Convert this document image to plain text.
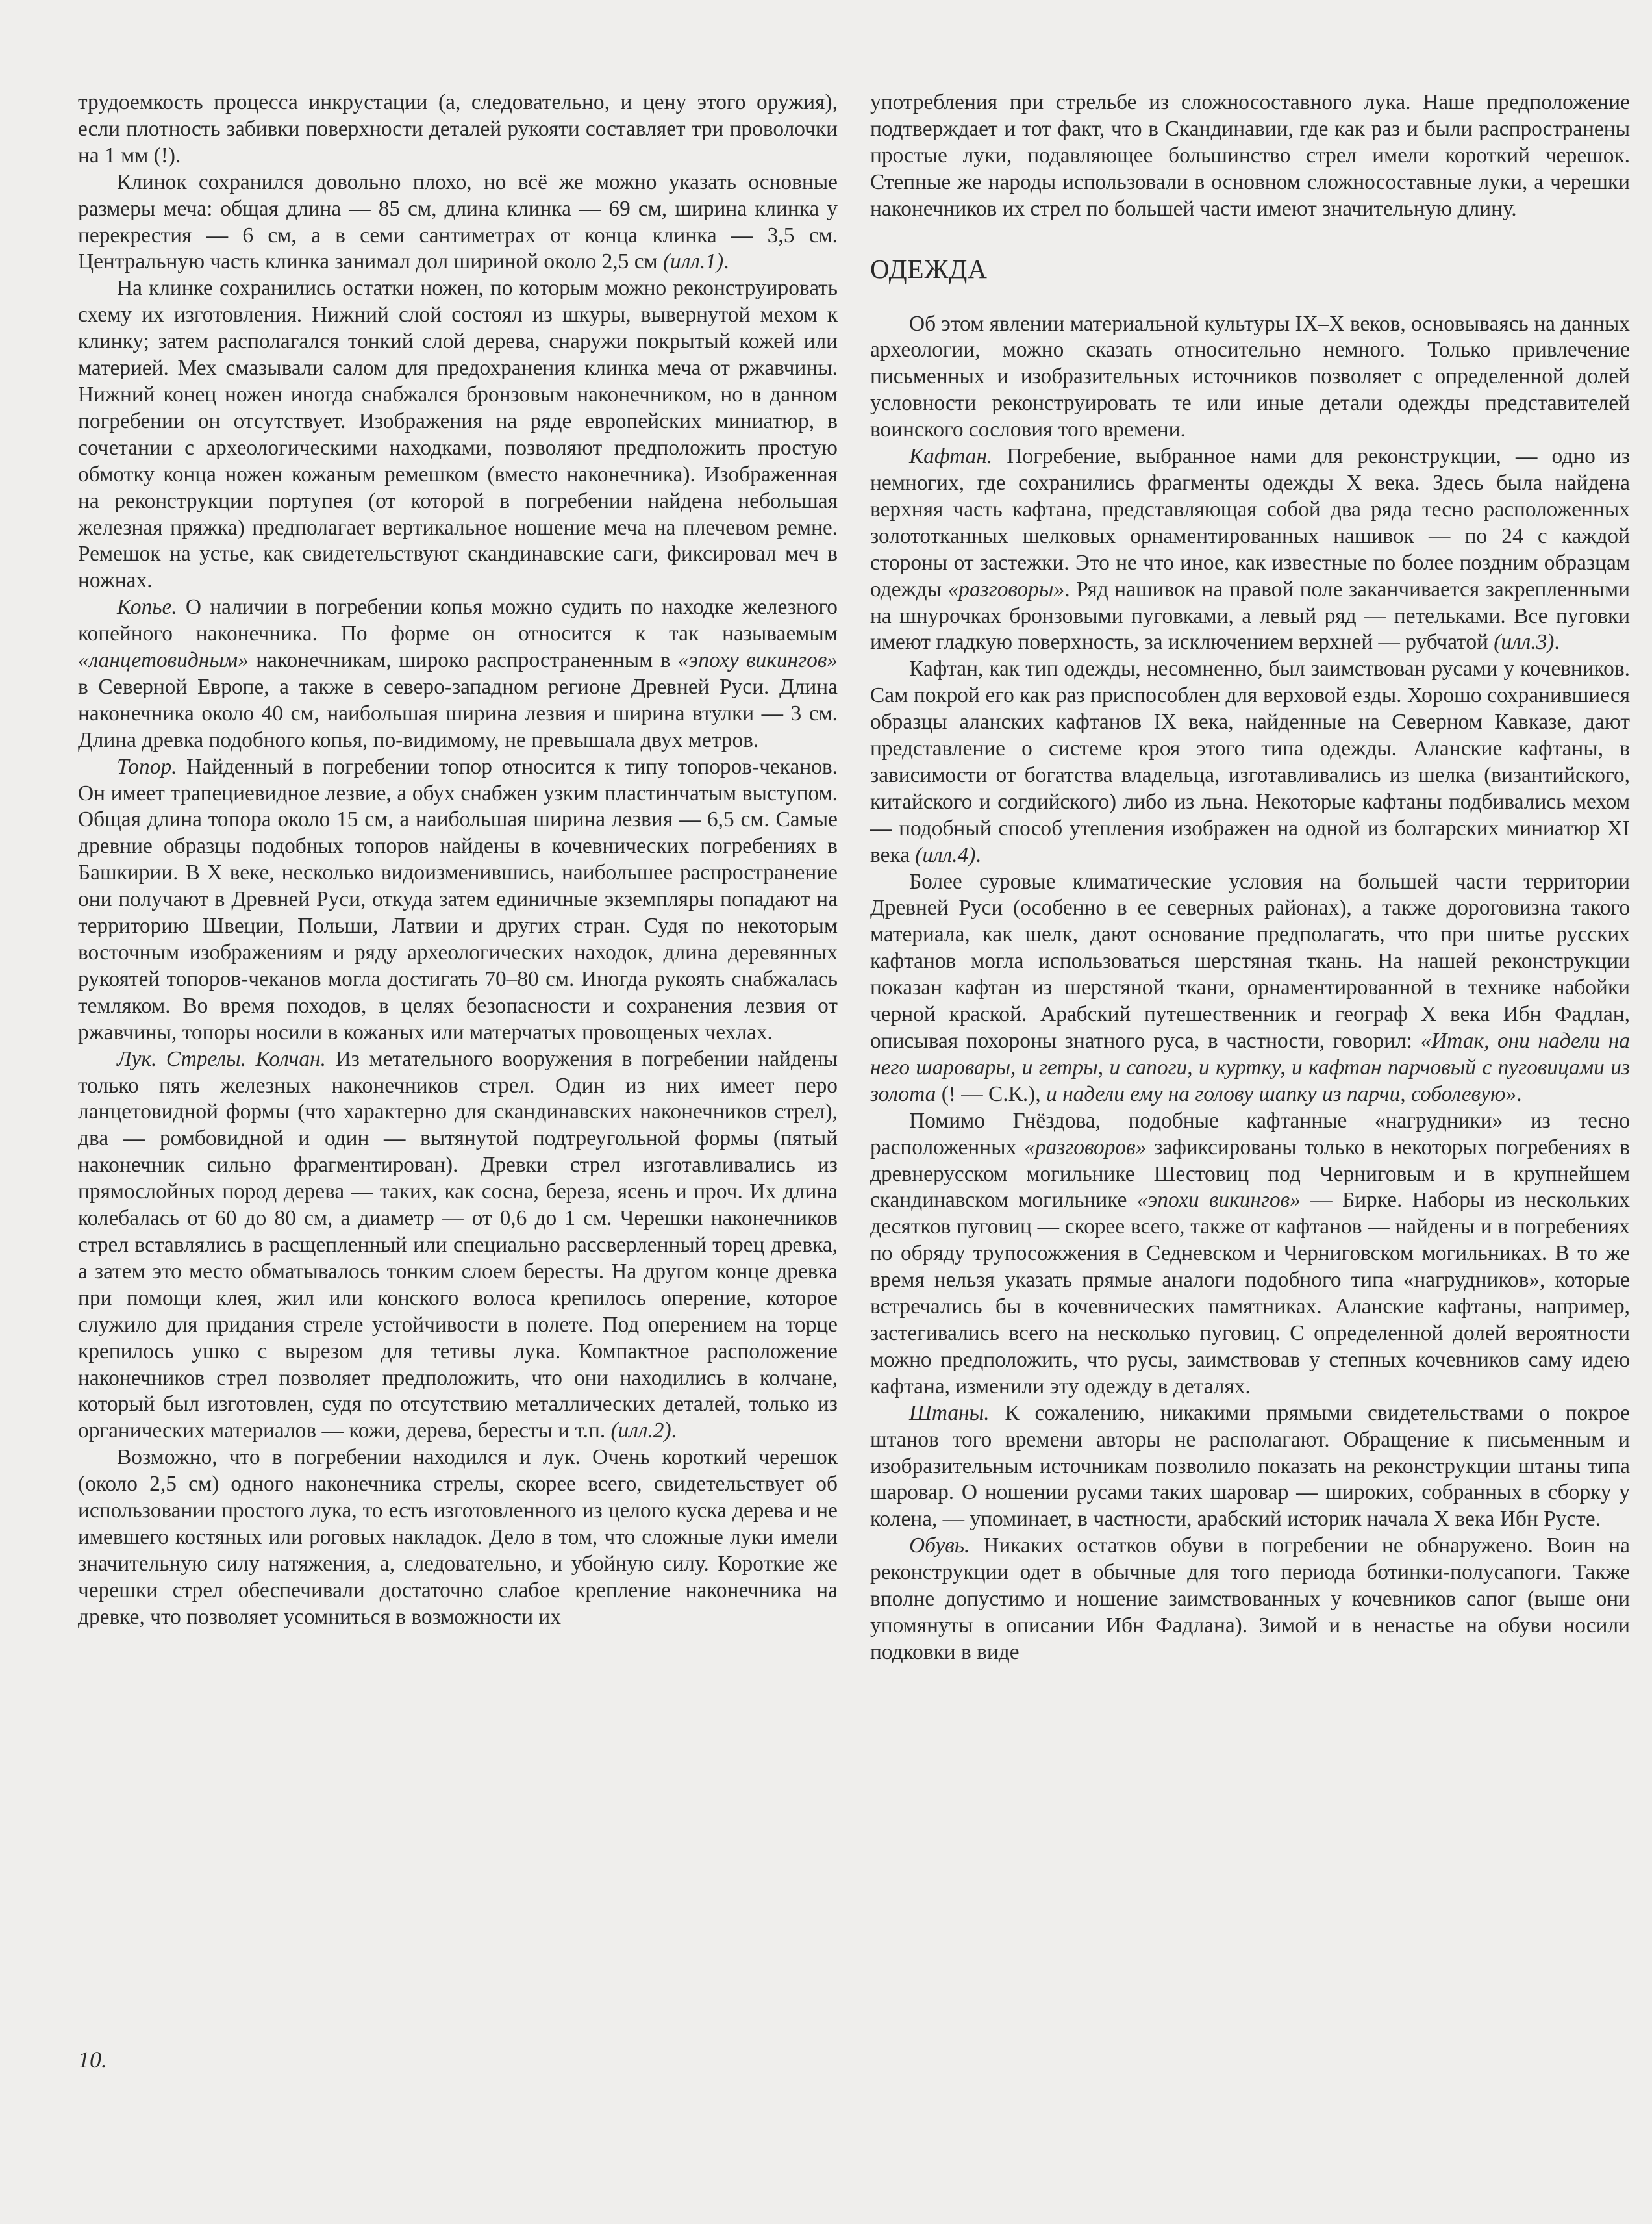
трудоемкость процесса инкрустации (а, следовательно, и цену этого оружия), если плотность забивки поверхности деталей рукояти составляет три проволочки на 1 мм (!).

Клинок сохранился довольно плохо, но всё же можно указать основные размеры меча: общая длина — 85 см, длина клинка — 69 см, ширина клинка у перекрестия — 6 см, а в семи сантиметрах от конца клинка — 3,5 см. Центральную часть клинка занимал дол шириной около 2,5 см (илл.1).

На клинке сохранились остатки ножен, по которым можно реконструировать схему их изготовления. Нижний слой состоял из шкуры, вывернутой мехом к клинку; затем располагался тонкий слой дерева, снаружи покрытый кожей или материей. Мех смазывали салом для предохранения клинка меча от ржавчины. Нижний конец ножен иногда снабжался бронзовым наконечником, но в данном погребении он отсутствует. Изображения на ряде европейских миниатюр, в сочетании с археологическими находками, позволяют предположить простую обмотку конца ножен кожаным ремешком (вместо наконечника). Изображенная на реконструкции портупея (от которой в погребении найдена небольшая железная пряжка) предполагает вертикальное ношение меча на плечевом ремне. Ремешок на устье, как свидетельствуют скандинавские саги, фиксировал меч в ножнах.

Копье. О наличии в погребении копья можно судить по находке железного копейного наконечника. По форме он относится к так называемым «ланцетовидным» наконечникам, широко распространенным в «эпоху викингов» в Северной Европе, а также в северо-западном регионе Древней Руси. Длина наконечника около 40 см, наибольшая ширина лезвия и ширина втулки — 3 см. Длина древка подобного копья, по-видимому, не превышала двух метров.

Топор. Найденный в погребении топор относится к типу топоров-чеканов. Он имеет трапециевидное лезвие, а обух снабжен узким пластинчатым выступом. Общая длина топора около 15 см, а наибольшая ширина лезвия — 6,5 см. Самые древние образцы подобных топоров найдены в кочевнических погребениях в Башкирии. В X веке, несколько видоизменившись, наибольшее распространение они получают в Древней Руси, откуда затем единичные экземпляры попадают на территорию Швеции, Польши, Латвии и других стран. Судя по некоторым восточным изображениям и ряду археологических находок, длина деревянных рукоятей топоров-чеканов могла достигать 70–80 см. Иногда рукоять снабжалась темляком. Во время походов, в целях безопасности и сохранения лезвия от ржавчины, топоры носили в кожаных или матерчатых провощеных чехлах.

Лук. Стрелы. Колчан. Из метательного вооружения в погребении найдены только пять железных наконечников стрел. Один из них имеет перо ланцетовидной формы (что характерно для скандинавских наконечников стрел), два — ромбовидной и один — вытянутой подтреугольной формы (пятый наконечник сильно фрагментирован). Древки стрел изготавливались из прямослойных пород дерева — таких, как сосна, береза, ясень и проч. Их длина колебалась от 60 до 80 см, а диаметр — от 0,6 до 1 см. Черешки наконечников стрел вставлялись в расщепленный или специально рассверленный торец древка, а затем это место обматывалось тонким слоем бересты. На другом конце древка при помощи клея, жил или конского волоса крепилось оперение, которое служило для придания стреле устойчивости в полете. Под оперением на торце крепилось ушко с вырезом для тетивы лука. Компактное расположение наконечников стрел позволяет предположить, что они находились в колчане, который был изготовлен, судя по отсутствию металлических деталей, только из органических материалов — кожи, дерева, бересты и т.п. (илл.2).

Возможно, что в погребении находился и лук. Очень короткий черешок (около 2,5 см) одного наконечника стрелы, скорее всего, свидетельствует об использовании простого лука, то есть изготовленного из целого куска дерева и не имевшего костяных или роговых накладок. Дело в том, что сложные луки имели значительную силу натяжения, а, следовательно, и убойную силу. Короткие же черешки стрел обеспечивали достаточно слабое крепление наконечника на древке, что позволяет усомниться в возможности их

употребления при стрельбе из сложносоставного лука. Наше предположение подтверждает и тот факт, что в Скандинавии, где как раз и были распространены простые луки, подавляющее большинство стрел имели короткий черешок. Степные же народы использовали в основном сложносоставные луки, а черешки наконечников их стрел по большей части имеют значительную длину.

ОДЕЖДА

Об этом явлении материальной культуры IX–X веков, основываясь на данных археологии, можно сказать относительно немного. Только привлечение письменных и изобразительных источников позволяет с определенной долей условности реконструировать те или иные детали одежды представителей воинского сословия того времени.

Кафтан. Погребение, выбранное нами для реконструкции, — одно из немногих, где сохранились фрагменты одежды X века. Здесь была найдена верхняя часть кафтана, представляющая собой два ряда тесно расположенных золототканных шелковых орнаментированных нашивок — по 24 с каждой стороны от застежки. Это не что иное, как известные по более поздним образцам одежды «разговоры». Ряд нашивок на правой поле заканчивается закрепленными на шнурочках бронзовыми пуговками, а левый ряд — петельками. Все пуговки имеют гладкую поверхность, за исключением верхней — рубчатой (илл.3).

Кафтан, как тип одежды, несомненно, был заимствован русами у кочевников. Сам покрой его как раз приспособлен для верховой езды. Хорошо сохранившиеся образцы аланских кафтанов IX века, найденные на Северном Кавказе, дают представление о системе кроя этого типа одежды. Аланские кафтаны, в зависимости от богатства владельца, изготавливались из шелка (византийского, китайского и согдийского) либо из льна. Некоторые кафтаны подбивались мехом — подобный способ утепления изображен на одной из болгарских миниатюр XI века (илл.4).

Более суровые климатические условия на большей части территории Древней Руси (особенно в ее северных районах), а также дороговизна такого материала, как шелк, дают основание предполагать, что при шитье русских кафтанов могла использоваться шерстяная ткань. На нашей реконструкции показан кафтан из шерстяной ткани, орнаментированной в технике набойки черной краской. Арабский путешественник и географ X века Ибн Фадлан, описывая похороны знатного руса, в частности, говорил: «Итак, они надели на него шаровары, и гетры, и сапоги, и куртку, и кафтан парчовый с пуговицами из золота (! — С.К.), и надели ему на голову шапку из парчи, соболевую».

Помимо Гнёздова, подобные кафтанные «нагрудники» из тесно расположенных «разговоров» зафиксированы только в некоторых погребениях в древнерусском могильнике Шестовиц под Черниговым и в крупнейшем скандинавском могильнике «эпохи викингов» — Бирке. Наборы из нескольких десятков пуговиц — скорее всего, также от кафтанов — найдены и в погребениях по обряду трупосожжения в Седневском и Черниговском могильниках. В то же время нельзя указать прямые аналоги подобного типа «нагрудников», которые встречались бы в кочевнических памятниках. Аланские кафтаны, например, застегивались всего на несколько пуговиц. С определенной долей вероятности можно предположить, что русы, заимствовав у степных кочевников саму идею кафтана, изменили эту одежду в деталях.

Штаны. К сожалению, никакими прямыми свидетельствами о покрое штанов того времени авторы не располагают. Обращение к письменным и изобразительным источникам позволило показать на реконструкции штаны типа шаровар. О ношении русами таких шаровар — широких, собранных в сборку у колена, — упоминает, в частности, арабский историк начала X века Ибн Русте.

Обувь. Никаких остатков обуви в погребении не обнаружено. Воин на реконструкции одет в обычные для того периода ботинки-полусапоги. Также вполне допустимо и ношение заимствованных у кочевников сапог (выше они упомянуты в описании Ибн Фадлана). Зимой и в ненастье на обуви носили подковки в виде

10.
